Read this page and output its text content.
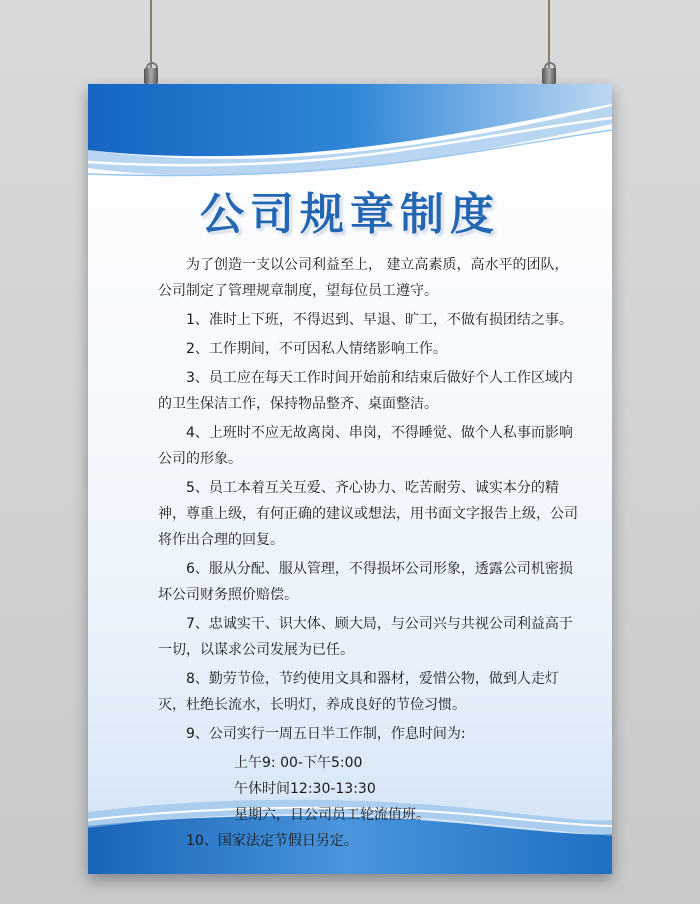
公司规章制度

为了创造一支以公司利益至上， 建立高素质，高水平的团队，公司制定了管理规章制度，望每位员工遵守。

1、准时上下班，不得迟到、早退、旷工，不做有损团结之事。

2、工作期间，不可因私人情绪影响工作。

3、员工应在每天工作时间开始前和结束后做好个人工作区域内的卫生保洁工作，保持物品整齐、桌面整洁。

4、上班时不应无故离岗、串岗，不得睡觉、做个人私事而影响公司的形象。

5、员工本着互关互爱、齐心协力、吃苦耐劳、诚实本分的精神，尊重上级，有何正确的建议或想法，用书面文字报告上级，公司将作出合理的回复。

6、服从分配、服从管理，不得损坏公司形象，透露公司机密损坏公司财务照价赔偿。

7、忠诚实干、识大体、顾大局，与公司兴与共视公司利益高于一切，以谋求公司发展为已任。

8、勤劳节俭，节约使用文具和器材，爱惜公物，做到人走灯灭，杜绝长流水，长明灯，养成良好的节俭习惯。

9、公司实行一周五日半工作制，作息时间为:

上午9: 00-下午5:00

午休时间12:30-13:30

星期六，日公司员工轮流值班。

10、国家法定节假日另定。
